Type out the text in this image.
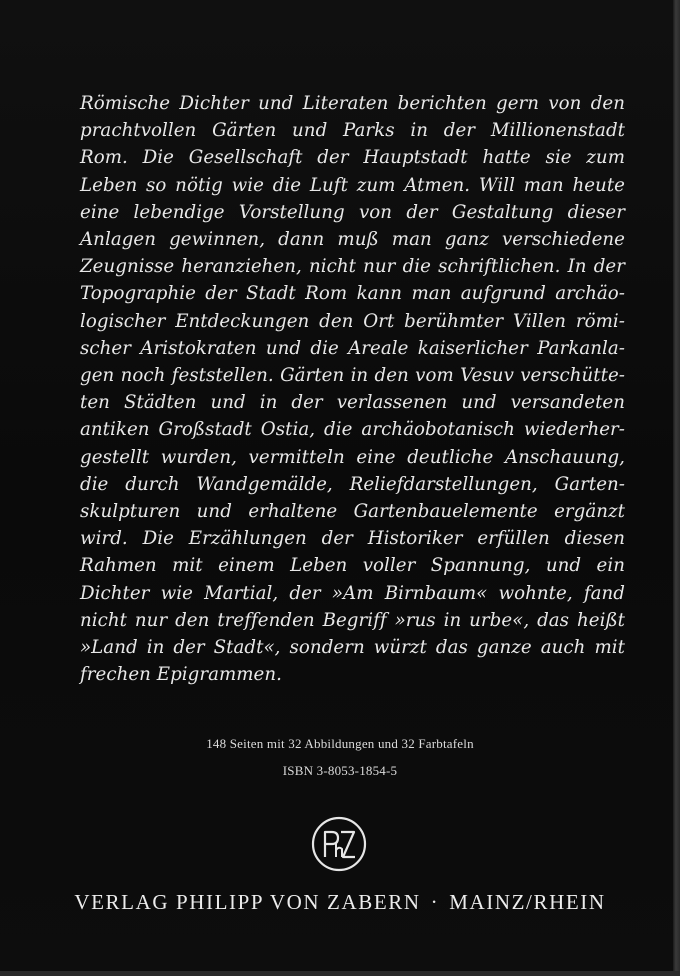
Römische Dichter und Literaten berichten gern von den
prachtvollen Gärten und Parks in der Millionenstadt
Rom. Die Gesellschaft der Hauptstadt hatte sie zum
Leben so nötig wie die Luft zum Atmen. Will man heute
eine lebendige Vorstellung von der Gestaltung dieser
Anlagen gewinnen, dann muß man ganz verschiedene
Zeugnisse heranziehen, nicht nur die schriftlichen. In der
Topographie der Stadt Rom kann man aufgrund archäo-
logischer Entdeckungen den Ort berühmter Villen römi-
scher Aristokraten und die Areale kaiserlicher Parkanla-
gen noch feststellen. Gärten in den vom Vesuv verschütte-
ten Städten und in der verlassenen und versandeten
antiken Großstadt Ostia, die archäobotanisch wiederher-
gestellt wurden, vermitteln eine deutliche Anschauung,
die durch Wandgemälde, Reliefdarstellungen, Garten-
skulpturen und erhaltene Gartenbauelemente ergänzt
wird. Die Erzählungen der Historiker erfüllen diesen
Rahmen mit einem Leben voller Spannung, und ein
Dichter wie Martial, der »Am Birnbaum« wohnte, fand
nicht nur den treffenden Begriff »rus in urbe«, das heißt
»Land in der Stadt«, sondern würzt das ganze auch mit
frechen Epigrammen.
148 Seiten mit 32 Abbildungen und 32 Farbtafeln
ISBN 3-8053-1854-5
VERLAG PHILIPP VON ZABERN · MAINZ/RHEIN
